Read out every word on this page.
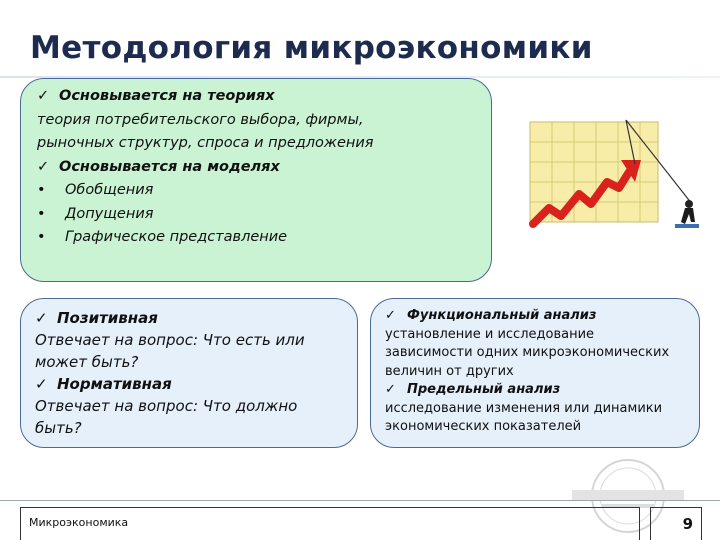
Методология микроэкономики
✓ Основывается на теориях
теория потребительского выбора, фирмы,
рыночных структур, спроса и предложения
✓ Основывается на моделях
• Обобщения
• Допущения
• Графическое представление
✓ Позитивная
Отвечает на вопрос: Что есть или может быть?
✓ Нормативная
Отвечает на вопрос: Что должно быть?
✓ Функциональный анализ
установление и исследование
зависимости одних микроэкономических
величин от других
✓ Предельный анализ
исследование изменения или динамики
экономических показателей
Микроэкономика	9
